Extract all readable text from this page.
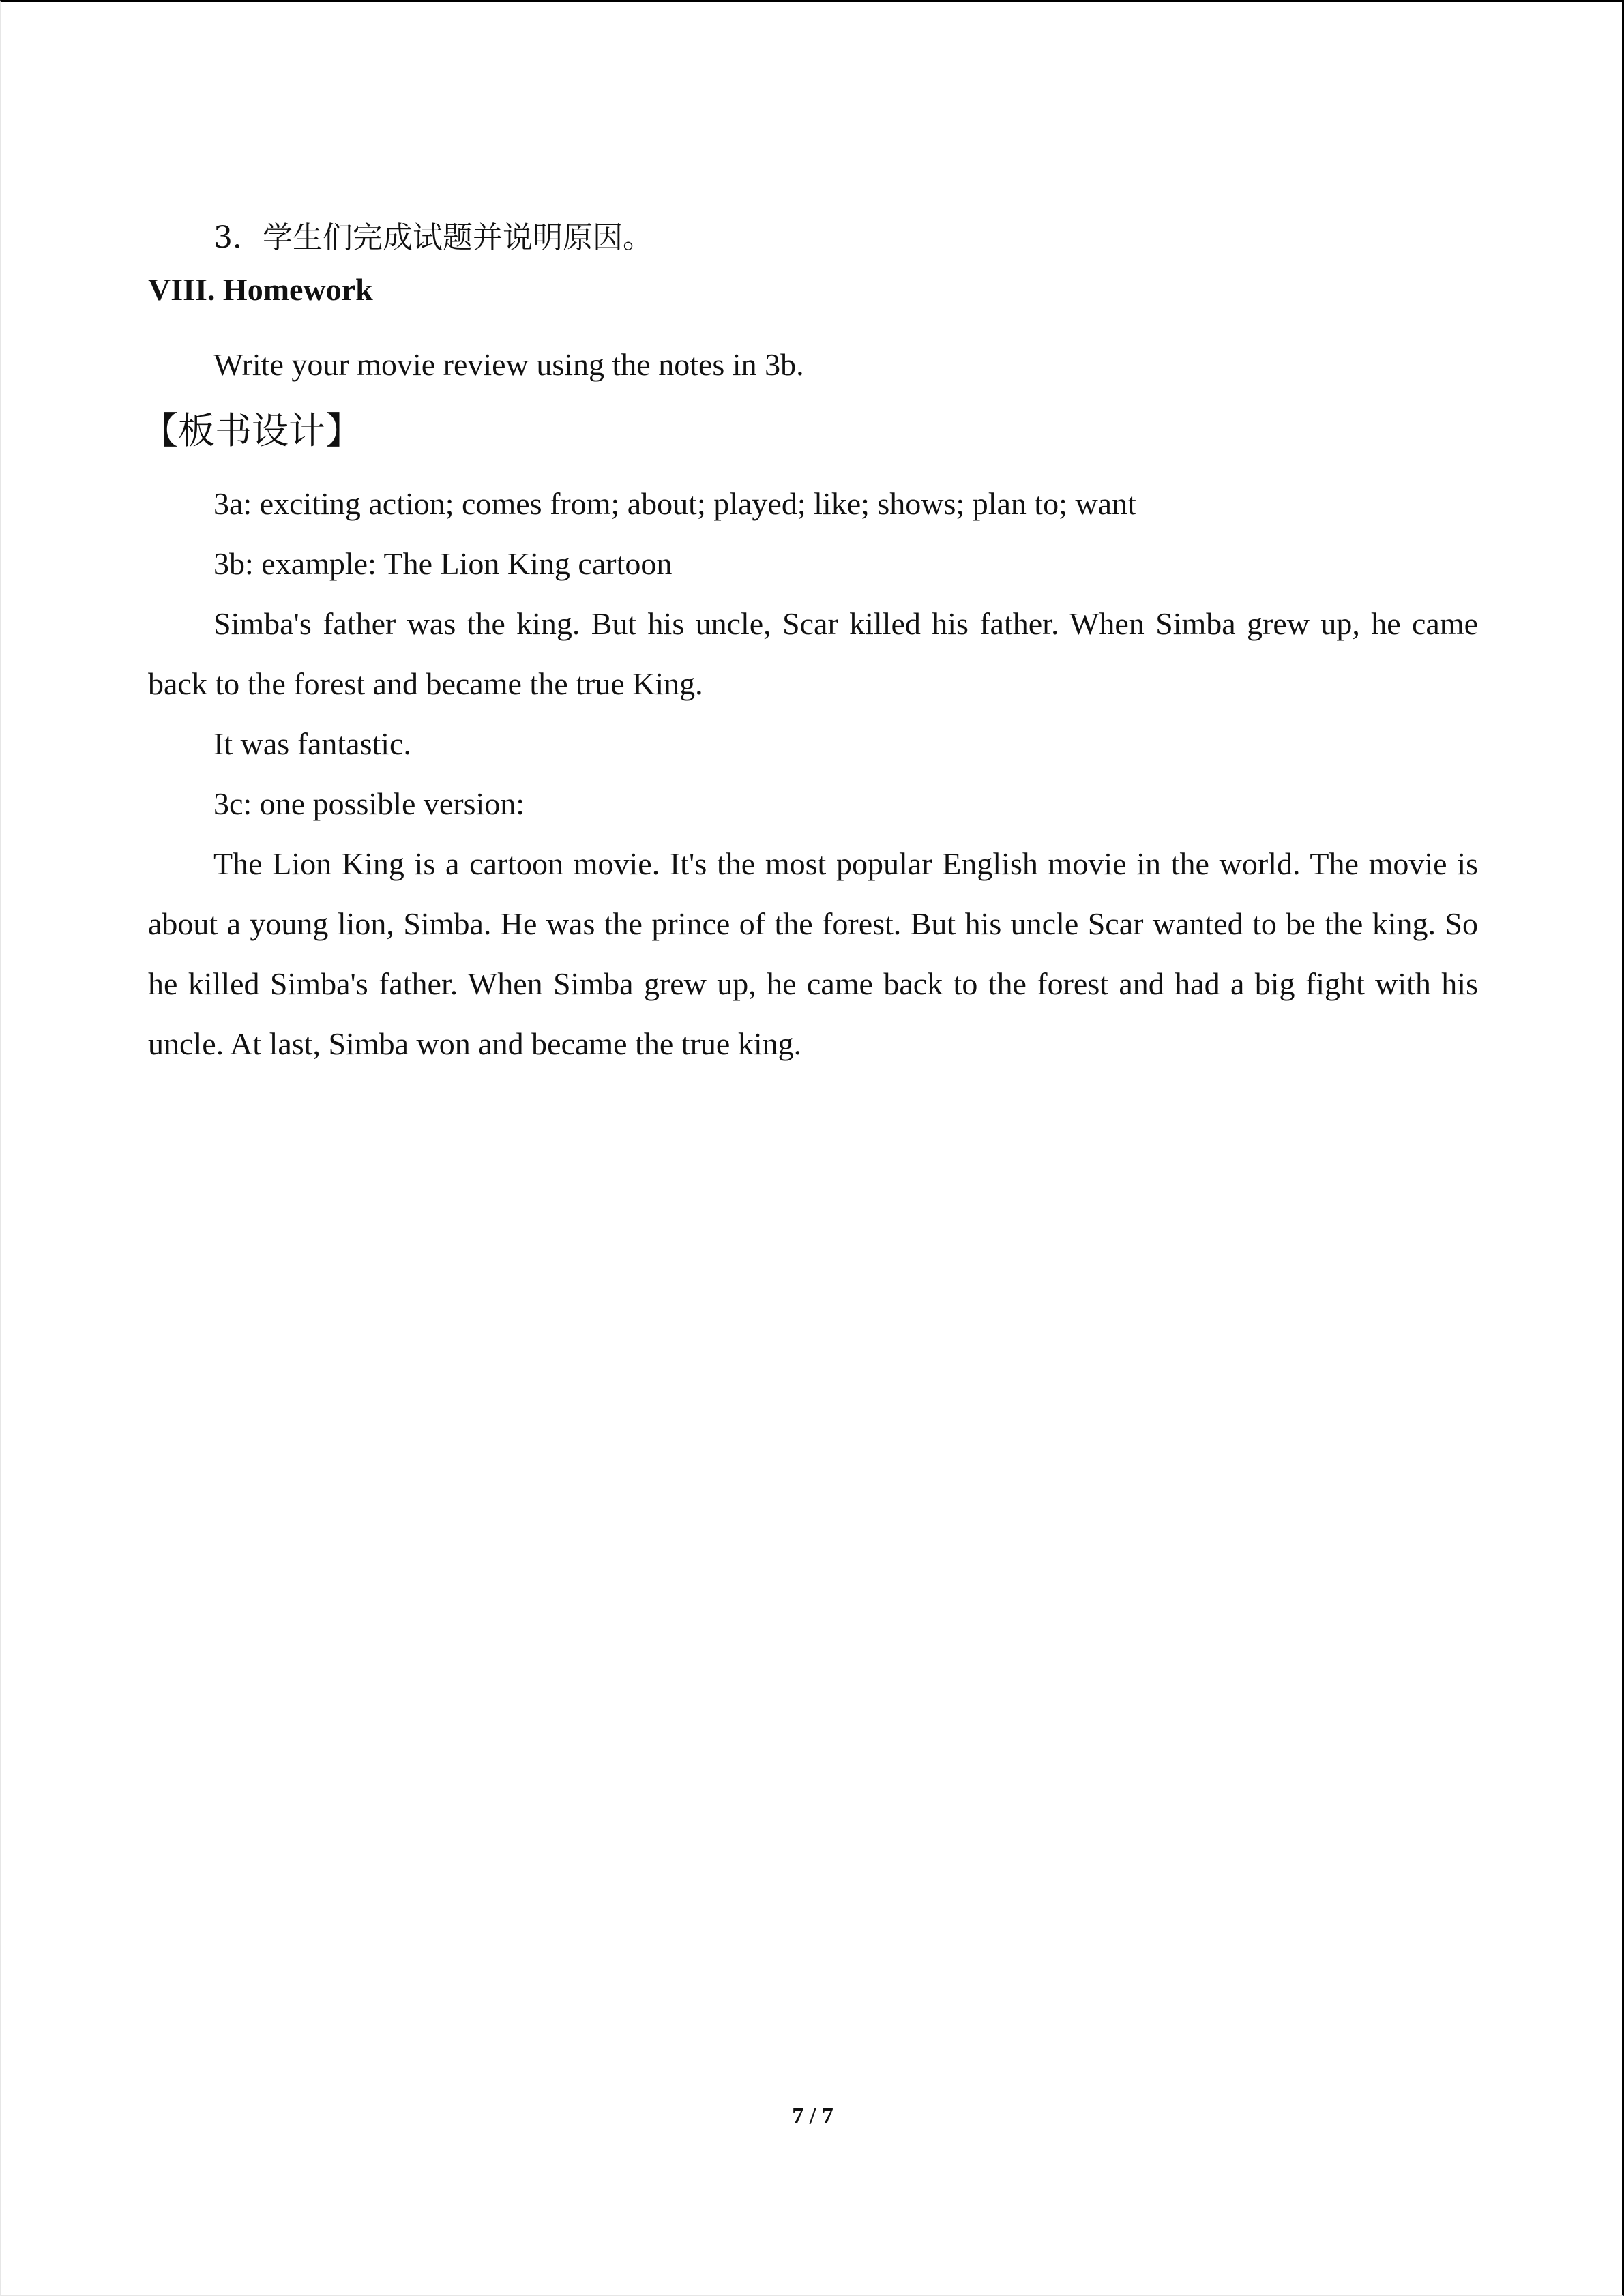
3．学生们完成试题并说明原因。

VIII. Homework

Write your movie review using the notes in 3b.

【板书设计】

3a: exciting action; comes from; about; played; like; shows; plan to; want

3b: example: The Lion King cartoon

Simba's father was the king. But his uncle, Scar killed his father. When Simba grew up, he came back to the forest and became the true King.

It was fantastic.

3c: one possible version:

The Lion King is a cartoon movie. It's the most popular English movie in the world. The movie is about a young lion, Simba. He was the prince of the forest. But his uncle Scar wanted to be the king. So he killed Simba's father. When Simba grew up, he came back to the forest and had a big fight with his uncle. At last, Simba won and became the true king.

7 / 7
